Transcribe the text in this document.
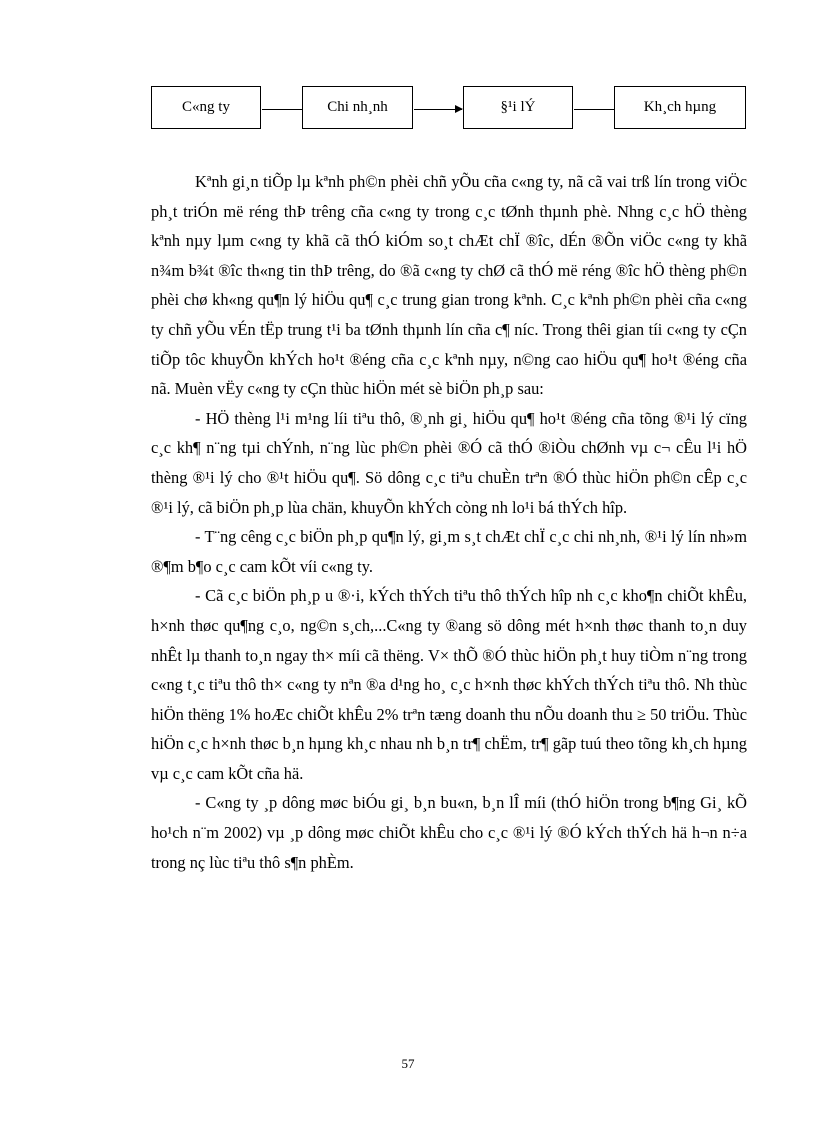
C«ng ty	Chi nh¸nh	§¹i lÝ	Kh¸ch hµng

Kªnh gi¸n tiÕp lµ kªnh ph©n phèi chñ yÕu cña c«ng ty, nã cã vai trß lín trong viÖc ph¸t triÓn më réng thÞ trêng cña c«ng ty trong c¸c tØnh thµnh phè. Nhng c¸c hÖ thèng kªnh nµy lµm c«ng ty khã cã thÓ kiÓm so¸t chÆt chÏ ®îc, dÉn ®Õn viÖc c«ng ty khã n¾m b¾t ®îc th«ng tin thÞ trêng, do ®ã c«ng ty chØ cã thÓ më réng ®îc hÖ thèng ph©n phèi chø kh«ng qu¶n lý hiÖu qu¶ c¸c trung gian trong kªnh. C¸c kªnh ph©n phèi cña c«ng ty chñ yÕu vÉn tËp trung t¹i ba tØnh thµnh lín cña c¶ níc. Trong thêi gian tíi c«ng ty cÇn tiÕp tôc khuyÕn khÝch ho¹t ®éng cña c¸c kªnh nµy, n©ng cao hiÖu qu¶ ho¹t ®éng cña nã. Muèn vËy c«ng ty cÇn thùc hiÖn mét sè biÖn ph¸p sau:

- HÖ thèng l¹i m¹ng líi tiªu thô, ®¸nh gi¸ hiÖu qu¶ ho¹t ®éng cña tõng ®¹i lý cïng c¸c kh¶ n¨ng tµi chÝnh, n¨ng lùc ph©n phèi ®Ó cã thÓ ®iÒu chØnh vµ c¬ cÊu l¹i hÖ thèng ®¹i lý cho ®¹t hiÖu qu¶. Sö dông c¸c tiªu chuÈn trªn ®Ó thùc hiÖn ph©n cÊp c¸c ®¹i lý, cã biÖn ph¸p lùa chän, khuyÕn khÝch còng nh lo¹i bá thÝch hîp.

- T¨ng cêng c¸c biÖn ph¸p qu¶n lý, gi¸m s¸t chÆt chÏ c¸c chi nh¸nh, ®¹i lý lín nh»m ®¶m b¶o c¸c cam kÕt víi c«ng ty.

- Cã c¸c biÖn ph¸p u ®·i, kÝch thÝch tiªu thô thÝch hîp nh c¸c kho¶n chiÕt khÊu, h×nh thøc qu¶ng c¸o, ng©n s¸ch,...C«ng ty ®ang sö dông mét h×nh thøc thanh to¸n duy nhÊt lµ thanh to¸n ngay th× míi cã thëng. V× thÕ ®Ó thùc hiÖn ph¸t huy tiÒm n¨ng trong c«ng t¸c tiªu thô th× c«ng ty nªn ®a d¹ng ho¸ c¸c h×nh thøc khÝch thÝch tiªu thô. Nh thùc hiÖn thëng 1% hoÆc chiÕt khÊu 2% trªn tæng doanh thu nÕu doanh thu ≥ 50 triÖu. Thùc hiÖn c¸c h×nh thøc b¸n hµng kh¸c nhau nh b¸n tr¶ chËm, tr¶ gãp tuú theo tõng kh¸ch hµng vµ c¸c cam kÕt cña hä.

- C«ng ty ¸p dông møc biÓu gi¸ b¸n bu«n, b¸n lÎ míi (thÓ hiÖn trong b¶ng Gi¸ kÕ ho¹ch n¨m 2002) vµ ¸p dông møc chiÕt khÊu cho c¸c ®¹i lý ®Ó kÝch thÝch hä h¬n n÷a trong nç lùc tiªu thô s¶n phÈm.

57
